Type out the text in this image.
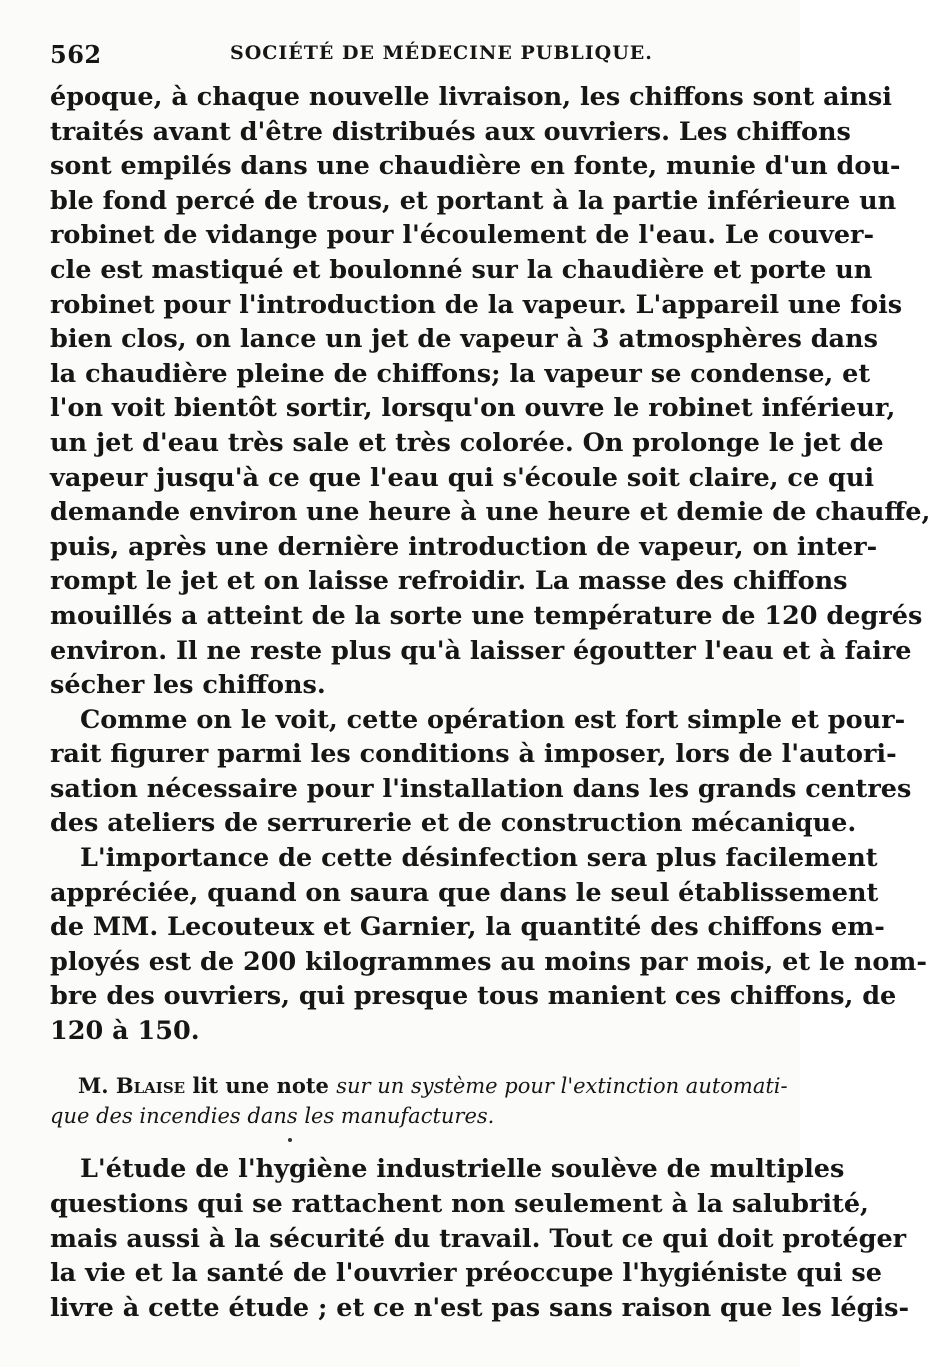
562	SOCIÉTÉ DE MÉDECINE PUBLIQUE.
époque, à chaque nouvelle livraison, les chiffons sont ainsi
traités avant d'être distribués aux ouvriers. Les chiffons
sont empilés dans une chaudière en fonte, munie d'un dou-
ble fond percé de trous, et portant à la partie inférieure un
robinet de vidange pour l'écoulement de l'eau. Le couver-
cle est mastiqué et boulonné sur la chaudière et porte un
robinet pour l'introduction de la vapeur. L'appareil une fois
bien clos, on lance un jet de vapeur à 3 atmosphères dans
la chaudière pleine de chiffons; la vapeur se condense, et
l'on voit bientôt sortir, lorsqu'on ouvre le robinet inférieur,
un jet d'eau très sale et très colorée. On prolonge le jet de
vapeur jusqu'à ce que l'eau qui s'écoule soit claire, ce qui
demande environ une heure à une heure et demie de chauffe,
puis, après une dernière introduction de vapeur, on inter-
rompt le jet et on laisse refroidir. La masse des chiffons
mouillés a atteint de la sorte une température de 120 degrés
environ. Il ne reste plus qu'à laisser égoutter l'eau et à faire
sécher les chiffons.
Comme on le voit, cette opération est fort simple et pour-
rait figurer parmi les conditions à imposer, lors de l'autori-
sation nécessaire pour l'installation dans les grands centres
des ateliers de serrurerie et de construction mécanique.
L'importance de cette désinfection sera plus facilement
appréciée, quand on saura que dans le seul établissement
de MM. Lecouteux et Garnier, la quantité des chiffons em-
ployés est de 200 kilogrammes au moins par mois, et le nom-
bre des ouvriers, qui presque tous manient ces chiffons, de
120 à 150.
M. Blaise lit une note sur un système pour l'extinction automati-
que des incendies dans les manufactures.
L'étude de l'hygiène industrielle soulève de multiples
questions qui se rattachent non seulement à la salubrité,
mais aussi à la sécurité du travail. Tout ce qui doit protéger
la vie et la santé de l'ouvrier préoccupe l'hygiéniste qui se
livre à cette étude ; et ce n'est pas sans raison que les légis-
